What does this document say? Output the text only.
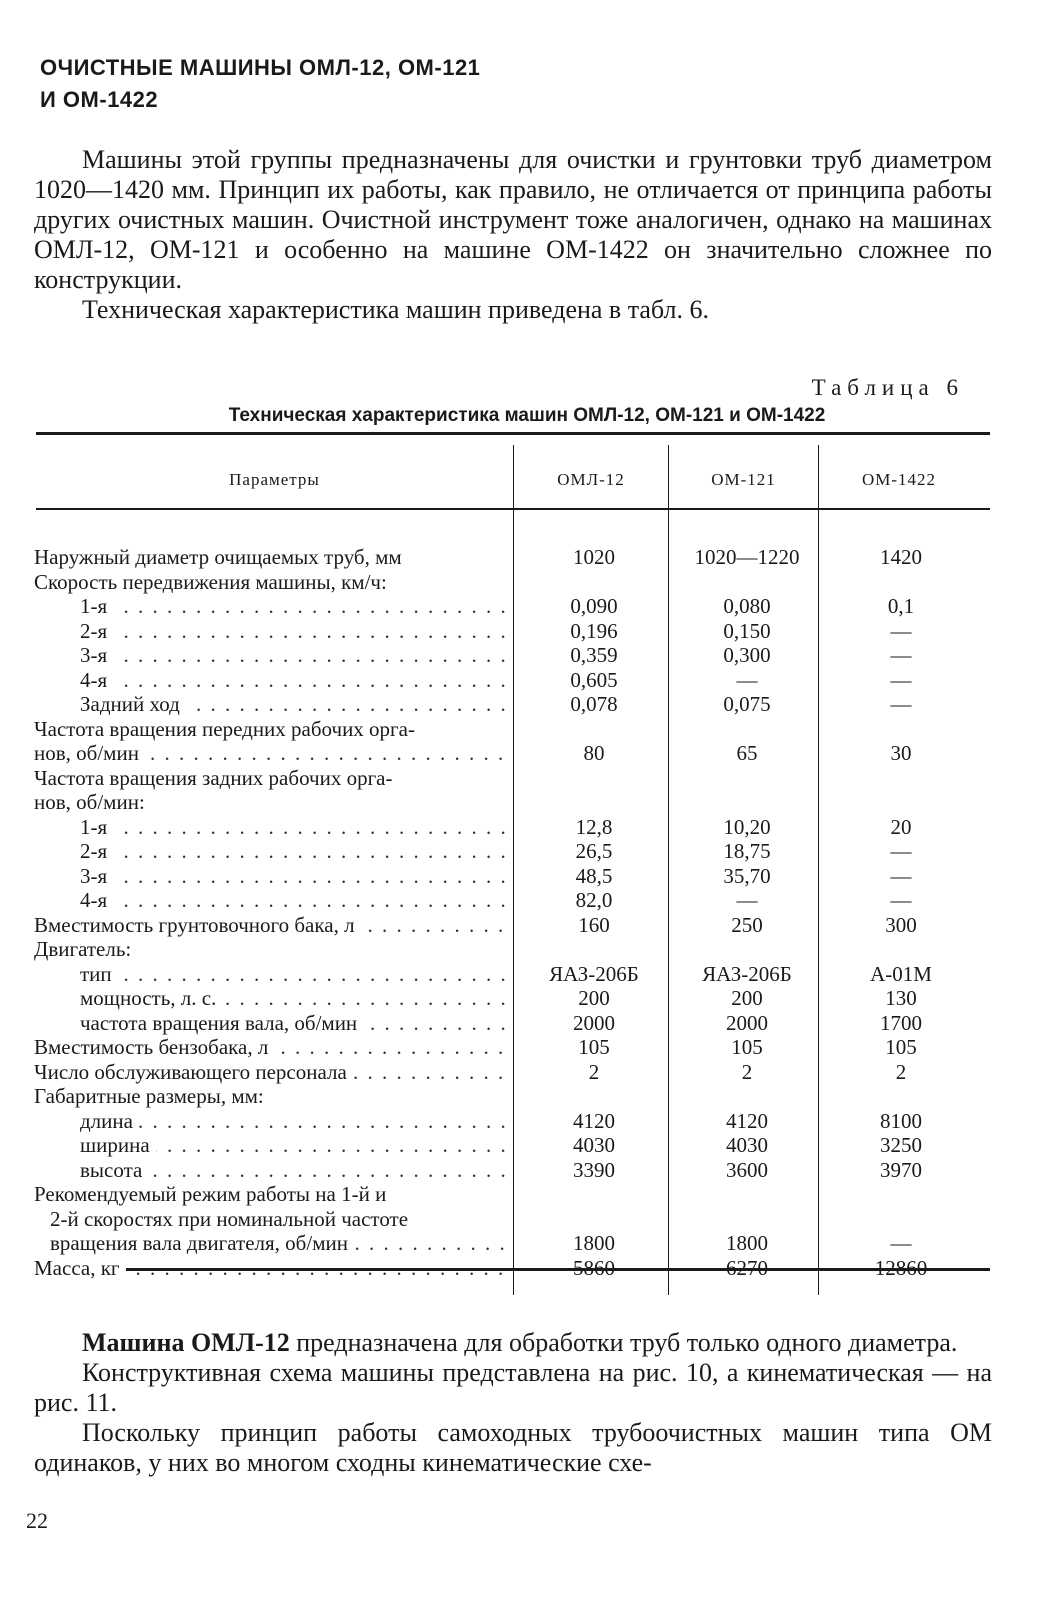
ОЧИСТНЫЕ МАШИНЫ ОМЛ-12, ОМ-121
И ОМ-1422

Машины этой группы предназначены для очистки и грунтовки труб диаметром 1020—1420 мм. Принцип их работы, как правило, не отличается от принципа работы других очистных машин. Очистной инструмент тоже аналогичен, однако на машинах ОМЛ-12, ОМ-121 и особенно на машине ОМ-1422 он значительно сложнее по конструкции.

Техническая характеристика машин приведена в табл. 6.

Таблица 6
Техническая характеристика машин ОМЛ-12, ОМ-121 и ОМ-1422
Параметры	ОМЛ-12	ОМ-121	ОМ-1422
Наружный диаметр очищаемых труб, мм	1020	1020—1220	1420
Скорость передвижения машины, км/ч:
1-я . . .	0,090	0,080	0,1
2-я . . .	0,196	0,150	—
3-я . . .	0,359	0,300	—
4-я . . .	0,605	—	—
Задний ход . . .	0,078	0,075	—
Частота вращения передних рабочих орга-
нов, об/мин . . .	80	65	30
Частота вращения задних рабочих орга-
нов, об/мин:
1-я . . .	12,8	10,20	20
2-я . . .	26,5	18,75	—
3-я . . .	48,5	35,70	—
4-я . . .	82,0	—	—
Вместимость грунтовочного бака, л . . .	160	250	300
Двигатель:
тип . . .	ЯАЗ-206Б	ЯАЗ-206Б	А-01М
мощность, л. с. . . .	200	200	130
частота вращения вала, об/мин . . .	2000	2000	1700
Вместимость бензобака, л . . .	105	105	105
Число обслуживающего персонала . . .	2	2	2
Габаритные размеры, мм:
длина . . .	4120	4120	8100
ширина . . .	4030	4030	3250
высота . . .	3390	3600	3970
Рекомендуемый режим работы на 1-й и
2-й скоростях при номинальной частоте
вращения вала двигателя, об/мин . . .	1800	1800	—
Масса, кг . . .	5860	6270	12860

Машина ОМЛ-12 предназначена для обработки труб только одного диаметра.

Конструктивная схема машины представлена на рис. 10, а кинематическая — на рис. 11.

Поскольку принцип работы самоходных трубоочистных машин типа ОМ одинаков, у них во многом сходны кинематические схе-

22
